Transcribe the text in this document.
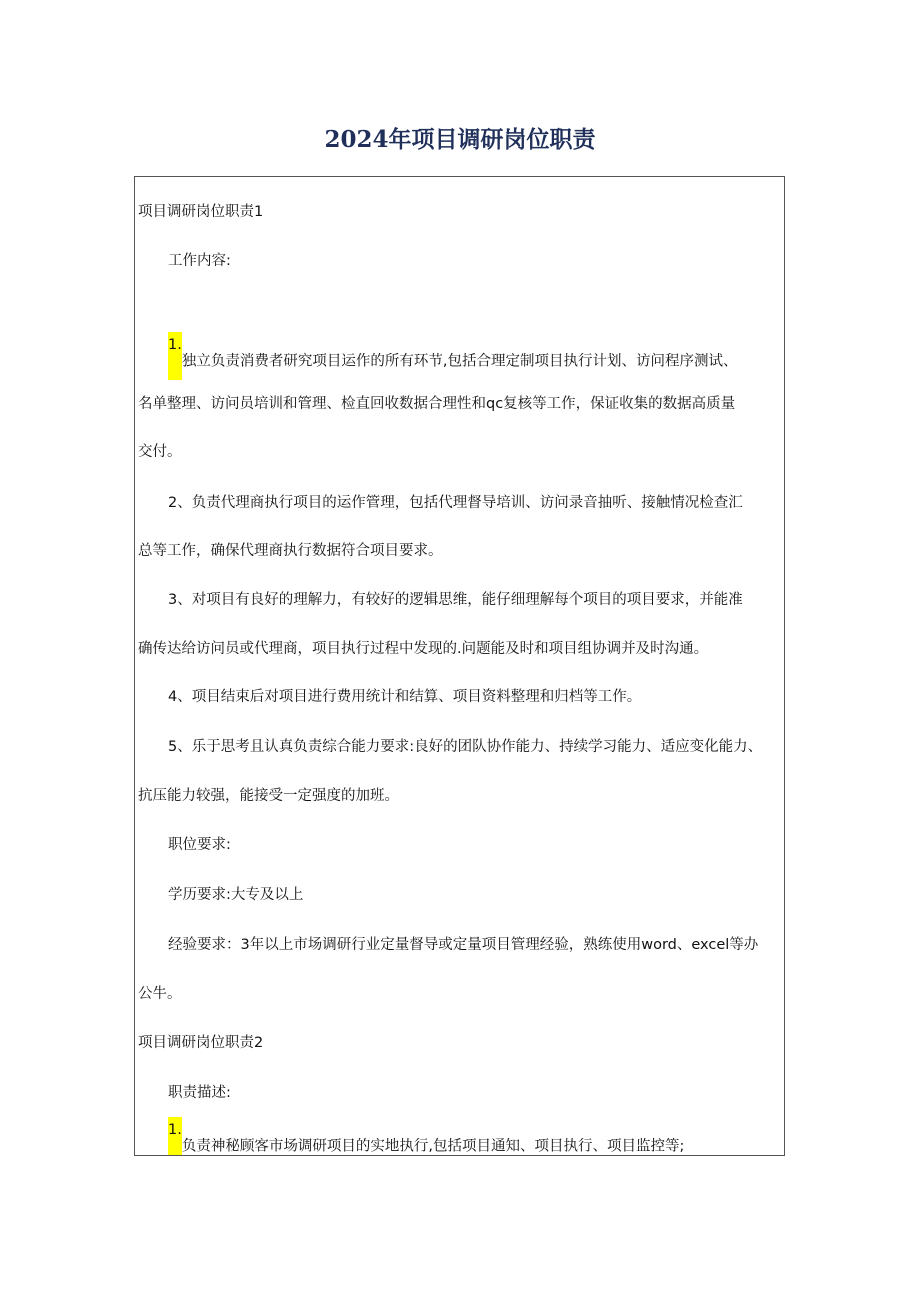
2024年项目调研岗位职责
项目调研岗位职责1
工作内容:
1.独立负责消费者研究项目运作的所有环节,包括合理定制项目执行计划、访问程序测试、
名单整理、访问员培训和管理、检直回收数据合理性和qc复核等工作，保证收集的数据高质量
交付。
2、负责代理商执行项目的运作管理，包括代理督导培训、访问录音抽听、接触情况检查汇
总等工作，确保代理商执行数据符合项目要求。
3、对项目有良好的理解力，有较好的逻辑思维，能仔细理解每个项目的项目要求，并能准
确传达给访问员或代理商，项目执行过程中发现的.问题能及时和项目组协调并及时沟通。
4、项目结束后对项目进行费用统计和结算、项目资料整理和归档等工作。
5、乐于思考且认真负责综合能力要求:良好的团队协作能力、持续学习能力、适应变化能力、
抗压能力较强，能接受一定强度的加班。
职位要求:
学历要求:大专及以上
经验要求：3年以上市场调研行业定量督导或定量项目管理经验，熟练使用word、excel等办
公牛。
项目调研岗位职责2
职责描述:
1.负责神秘顾客市场调研项目的实地执行,包括项目通知、项目执行、项目监控等;
